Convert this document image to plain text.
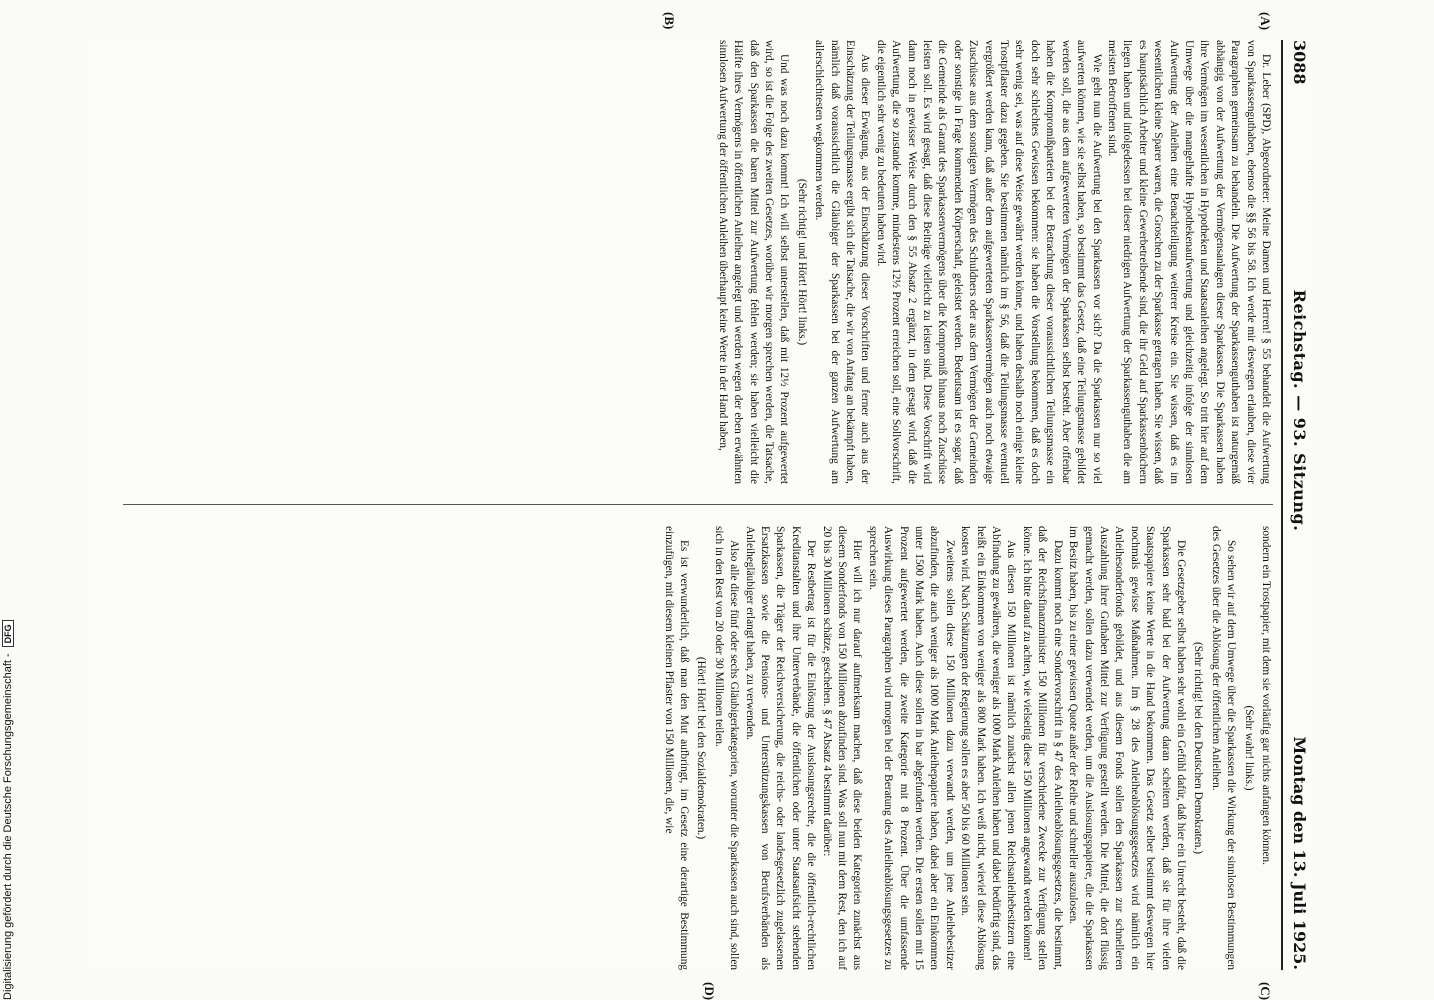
3088
Reichstag. — 93. Sitzung.
Montag den 13. Juli 1925.
(A)
(B)
(C)
(D)

Dr. Leber (SPD), Abgeordneter: Meine Damen und Herren! § 55 behandelt die Aufwertung von Sparkassenguthaben, ebenso die §§ 56 bis 58. Ich werde mir deswegen erlauben, diese vier Paragraphen gemeinsam zu behandeln. Die Aufwertung der Sparkassenguthaben ist naturgemäß abhängig von der Aufwertung der Vermögensanlagen dieser Sparkassen. Die Sparkassen haben ihre Vermögen im wesentlichen in Hypotheken und Staatsanleihen angelegt. So tritt hier auf dem Umwege über die mangelhafte Hypothekenaufwertung und gleichzeitig infolge der sinnlosen Aufwertung der Anleihen eine Benachteiligung weiterer Kreise ein. Sie wissen, daß es im wesentlichen kleine Sparer waren, die Groschen zu der Sparkasse getragen haben. Sie wissen, daß es hauptsächlich Arbeiter und kleine Gewerbetreibende sind, die ihr Geld auf Sparkassenbüchern liegen haben und infolgedessen bei dieser niedrigen Aufwertung der Sparkassenguthaben die am meisten Betroffenen sind.

Wie geht nun die Aufwertung bei den Sparkassen vor sich? Da die Sparkassen nur so viel aufwerten können, wie sie selbst haben, so bestimmt das Gesetz, daß eine Teilungsmasse gebildet werden soll, die aus dem aufgewerteten Vermögen der Sparkassen selbst besteht. Aber offenbar haben die Kompromißparteien bei der Betrachtung dieser voraussichtlichen Teilungsmasse ein doch sehr schlechtes Gewissen bekommen: sie haben die Vorstellung bekommen, daß es doch sehr wenig sei, was auf diese Weise gewährt werden könne, und haben deshalb noch einige kleine Trostpflaster dazu gegeben. Sie bestimmen nämlich im § 56, daß die Teilungsmasse eventuell vergrößert werden kann, daß außer dem aufgewerteten Sparkassenvermögen auch noch etwaige Zuschüsse aus dem sonstigen Vermögen des Schuldners oder aus dem Vermögen der Gemeinden oder sonstige in Frage kommenden Körperschaft, geleistet werden. Bedeutsam ist es sogar, daß die Gemeinde als Garant des Sparkassenvermögens über die Kompromiß hinaus noch Zuschüsse leisten soll. Es wird gesagt, daß diese Beiträge vielleicht zu leisten sind. Diese Vorschrift wird dann noch in gewisser Weise durch den § 55 Absatz 2 ergänzt, in dem gesagt wird, daß die Aufwertung, die so zustande komme, mindestens 12½ Prozent erreichen soll, eine Sollvorschrift, die eigentlich sehr wenig zu bedeuten haben wird.

Aus dieser Erwägung, aus der Einschätzung dieser Vorschriften und ferner auch aus der Einschätzung der Teilungsmasse ergibt sich die Tatsache, die wir von Anfang an bekämpft haben, nämlich daß voraussichtlich die Gläubiger der Sparkassen bei der ganzen Aufwertung am allerschlechtesten wegkommen werden.

(Sehr richtig! und Hört! Hört! links.)

Und was noch dazu kommt! Ich will selbst unterstellen, daß mit 12½ Prozent aufgewertet wird, so ist die Folge des zweiten Gesetzes, worüber wir morgen sprechen werden, die Tatsache, daß den Sparkassen die baren Mittel zur Aufwertung fehlen werden; sie haben vielleicht die Hälfte ihres Vermögens in öffentlichen Anleihen angelegt und werden wegen der eben erwähnten sinnlosen Aufwertung der öffentlichen Anleihen überhaupt keine Werte in der Hand haben,

sondern ein Trostpapier, mit dem sie vorläufig gar nichts anfangen können.

(Sehr wahr! links.)

So sehen wir auf dem Umwege über die Sparkassen die Wirkung der sinnlosen Bestimmungen des Gesetzes über die Ablösung der öffentlichen Anleihen.

(Sehr richtig! bei den Deutschen Demokraten.)

Die Gesetzgeber selbst haben sehr wohl ein Gefühl dafür, daß hier ein Unrecht besteht, daß die Sparkassen sehr bald bei der Aufwertung daran scheitern werden, daß sie für ihre vielen Staatspapiere keine Werte in die Hand bekommen. Das Gesetz selber bestimmt deswegen hier nochmals gewisse Maßnahmen. Im § 28 des Anleiheablösungsgesetzes wird nämlich ein Anleihesonderfonds gebildet, und aus diesem Fonds sollen den Sparkassen zur schnelleren Auszahlung ihrer Guthaben Mittel zur Verfügung gestellt werden. Die Mittel, die dort flüssig gemacht werden, sollen dazu verwendet werden, um die Auslosungspapiere, die die Sparkassen im Besitz haben, bis zu einer gewissen Quote außer der Reihe und schneller auszulosen.

Dazu kommt noch eine Sondervorschrift in § 47 des Anleiheablösungsgesetzes, die bestimmt, daß der Reichsfinanzminister 150 Millionen für verschiedene Zwecke zur Verfügung stellen könne. Ich bitte darauf zu achten, wie vielseitig diese 150 Millionen angewandt werden können!

Aus diesen 150 Millionen ist nämlich zunächst allen jenen Reichsanleihebesitzern eine Abfindung zu gewähren, die weniger als 1000 Mark Anleihen haben und dabei bedürftig sind, das heißt ein Einkommen von weniger als 800 Mark haben. Ich weiß nicht, wieviel diese Ablösung kosten wird. Nach Schätzungen der Regierung sollen es aber 50 bis 60 Millionen sein.

Zweitens sollen diese 150 Millionen dazu verwandt werden, um jene Anleihebesitzer abzufinden, die auch weniger als 1000 Mark Anleihepapiere haben, dabei aber ein Einkommen unter 1500 Mark haben. Auch diese sollen in bar abgefunden werden. Die ersten sollen mit 15 Prozent aufgewertet werden, die zweite Kategorie mit 8 Prozent. Über die umfassende Auswirkung dieses Paragraphen wird morgen bei der Beratung des Anleiheablösungsgesetzes zu sprechen sein.

Hier will ich nur darauf aufmerksam machen, daß diese beiden Kategorien zunächst aus diesem Sonderfonds von 150 Millionen abzufinden sind. Was soll nun mit dem Rest, den ich auf 20 bis 30 Millionen schätze, geschehen. § 47 Absatz 4 bestimmt darüber:

Der Restbetrag ist für die Einlösung der Auslosungsrechte, die die öffentlich-rechtlichen Kreditanstalten und ihre Unterverbände, die öffentlichen oder unter Staatsaufsicht stehenden Sparkassen, die Träger der Reichsversicherung, die reichs- oder landesgesetzlich zugelassenen Ersatzkassen sowie die Pensions- und Unterstützungskassen von Berufsverbänden als Anleihegläubiger erlangt haben, zu verwenden.

Also alle diese fünf oder sechs Gläubigerkategorien, worunter die Sparkassen auch sind, sollen sich in den Rest von 20 oder 30 Millionen teilen.

(Hört! Hört! bei den Sozialdemokraten.)

Es ist verwunderlich, daß man den Mut aufbringt, im Gesetz eine derartige Bestimmung einzufügen, mit diesem kleinen Pflaster von 150 Millionen, die, wie

Digitalisierung gefördert durch die Deutsche Forschungsgemeinschaft -
DFG
